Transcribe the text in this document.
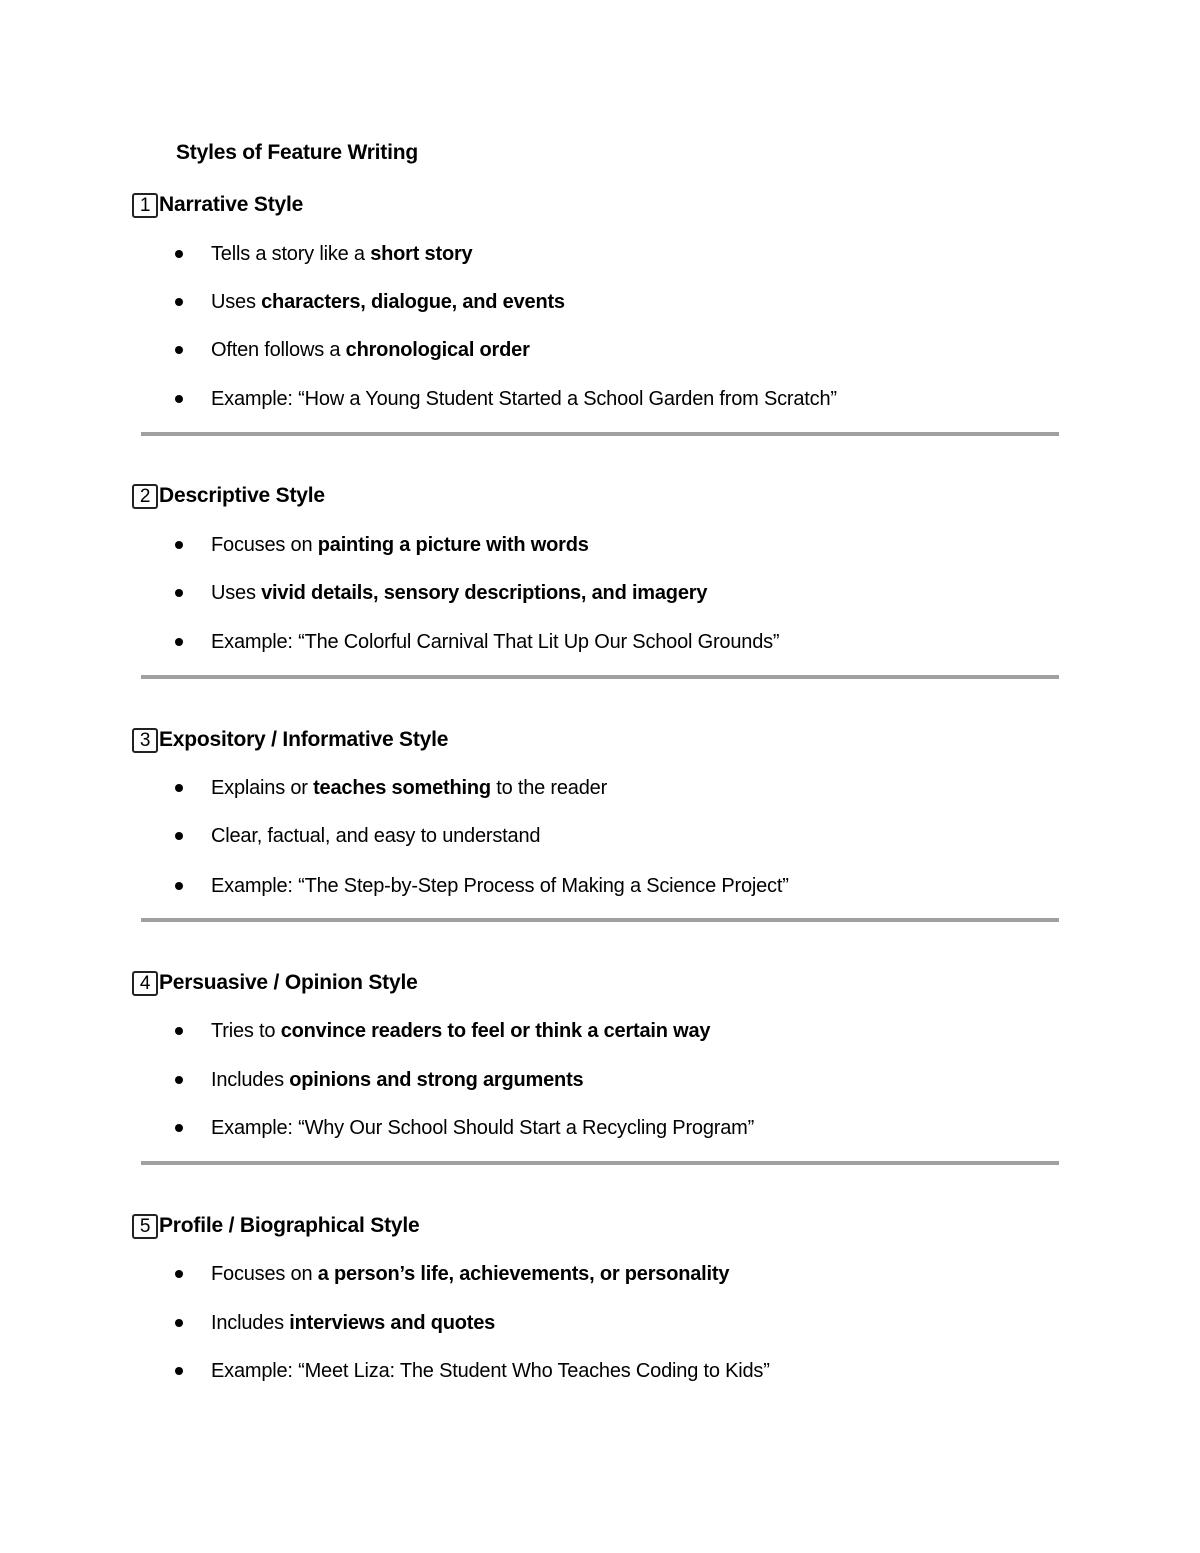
Styles of Feature Writing
1 Narrative Style
Tells a story like a short story
Uses characters, dialogue, and events
Often follows a chronological order
Example: “How a Young Student Started a School Garden from Scratch”
2 Descriptive Style
Focuses on painting a picture with words
Uses vivid details, sensory descriptions, and imagery
Example: “The Colorful Carnival That Lit Up Our School Grounds”
3 Expository / Informative Style
Explains or teaches something to the reader
Clear, factual, and easy to understand
Example: “The Step-by-Step Process of Making a Science Project”
4 Persuasive / Opinion Style
Tries to convince readers to feel or think a certain way
Includes opinions and strong arguments
Example: “Why Our School Should Start a Recycling Program”
5 Profile / Biographical Style
Focuses on a person’s life, achievements, or personality
Includes interviews and quotes
Example: “Meet Liza: The Student Who Teaches Coding to Kids”
